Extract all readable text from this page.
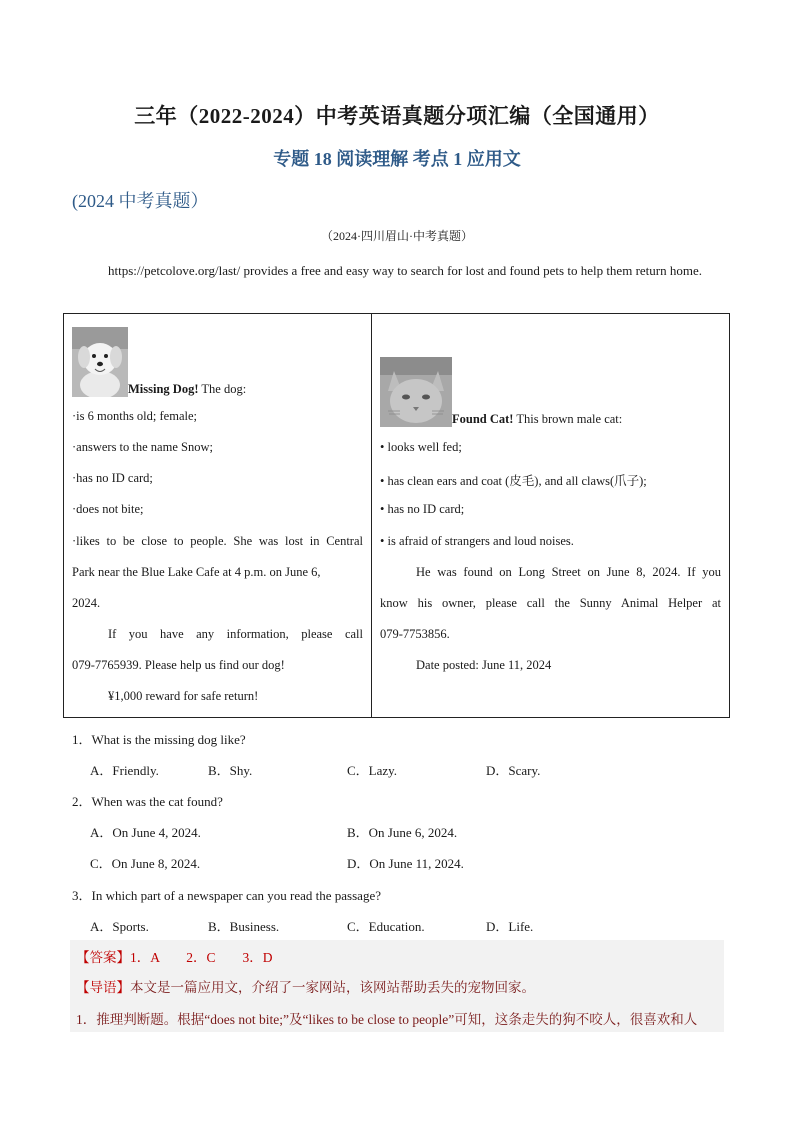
三年（2022-2024）中考英语真题分项汇编（全国通用）
专题 18 阅读理解 考点 1 应用文
(2024 中考真题）
（2024·四川眉山·中考真题）
https://petcolove.org/last/ provides a free and easy way to search for lost and found pets to help them return home.
Missing Dog! The dog:
·is 6 months old; female;
·answers to the name Snow;
·has no ID card;
·does not bite;
·likes to be close to people. She was lost in Central
Park near the Blue Lake Cafe at 4 p.m. on June 6,
2024.
If you have any information, please call
079-7765939. Please help us find our dog!
¥1,000 reward for safe return!

Found Cat! This brown male cat:
• looks well fed;
• has clean ears and coat (皮毛), and all claws(爪子);
• has no ID card;
• is afraid of strangers and loud noises.
He was found on Long Street on June 8, 2024. If you
know his owner, please call the Sunny Animal Helper at
079-7753856.
Date posted: June 11, 2024
1．What is the missing dog like?
A．Friendly.	B．Shy.	C．Lazy.	D．Scary.
2．When was the cat found?
A．On June 4, 2024.	B．On June 6, 2024.
C．On June 8, 2024.	D．On June 11, 2024.
3．In which part of a newspaper can you read the passage?
A．Sports.	B．Business.	C．Education.	D．Life.
【答案】1．A　　2．C　　3．D
【导语】本文是一篇应用文，介绍了一家网站，该网站帮助丢失的宠物回家。
1．推理判断题。根据“does not bite;”及“likes to be close to people”可知，这条走失的狗不咬人，很喜欢和人
